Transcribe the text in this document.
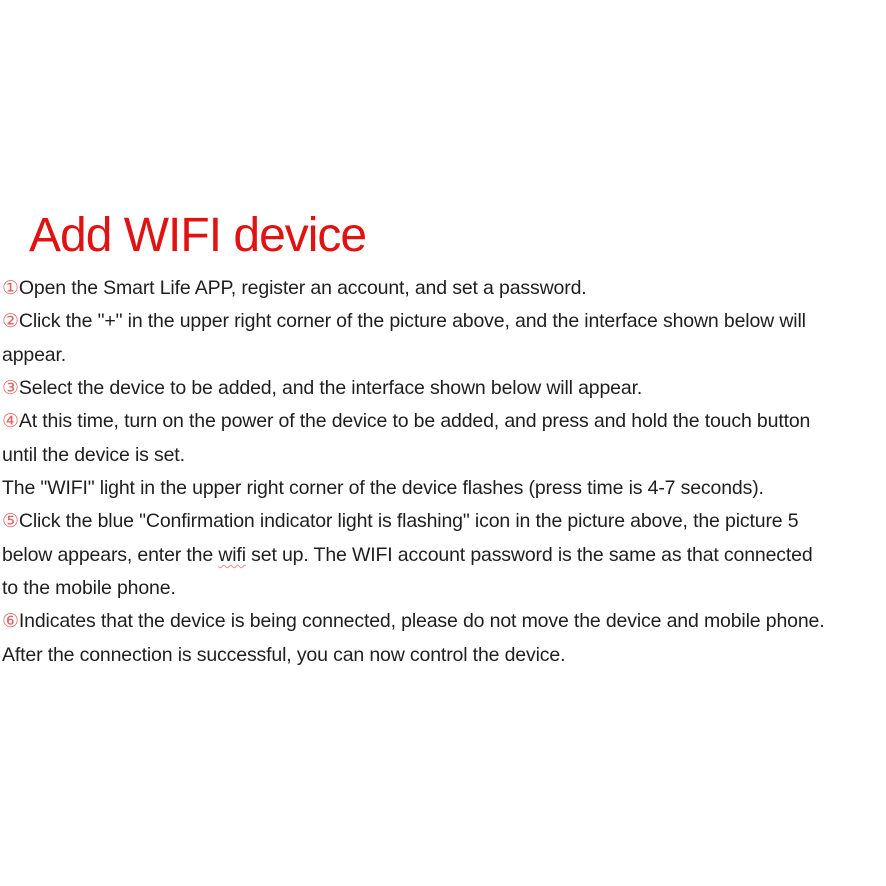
Add WIFI device
①Open the Smart Life APP, register an account, and set a password.
②Click the "+" in the upper right corner of the picture above, and the interface shown below will
appear.
③Select the device to be added, and the interface shown below will appear.
④At this time, turn on the power of the device to be added, and press and hold the touch button
until the device is set.
The "WIFI" light in the upper right corner of the device flashes (press time is 4-7 seconds).
⑤Click the blue "Confirmation indicator light is flashing" icon in the picture above, the picture 5
below appears, enter the wifi set up. The WIFI account password is the same as that connected
to the mobile phone.
⑥Indicates that the device is being connected, please do not move the device and mobile phone.
After the connection is successful, you can now control the device.
